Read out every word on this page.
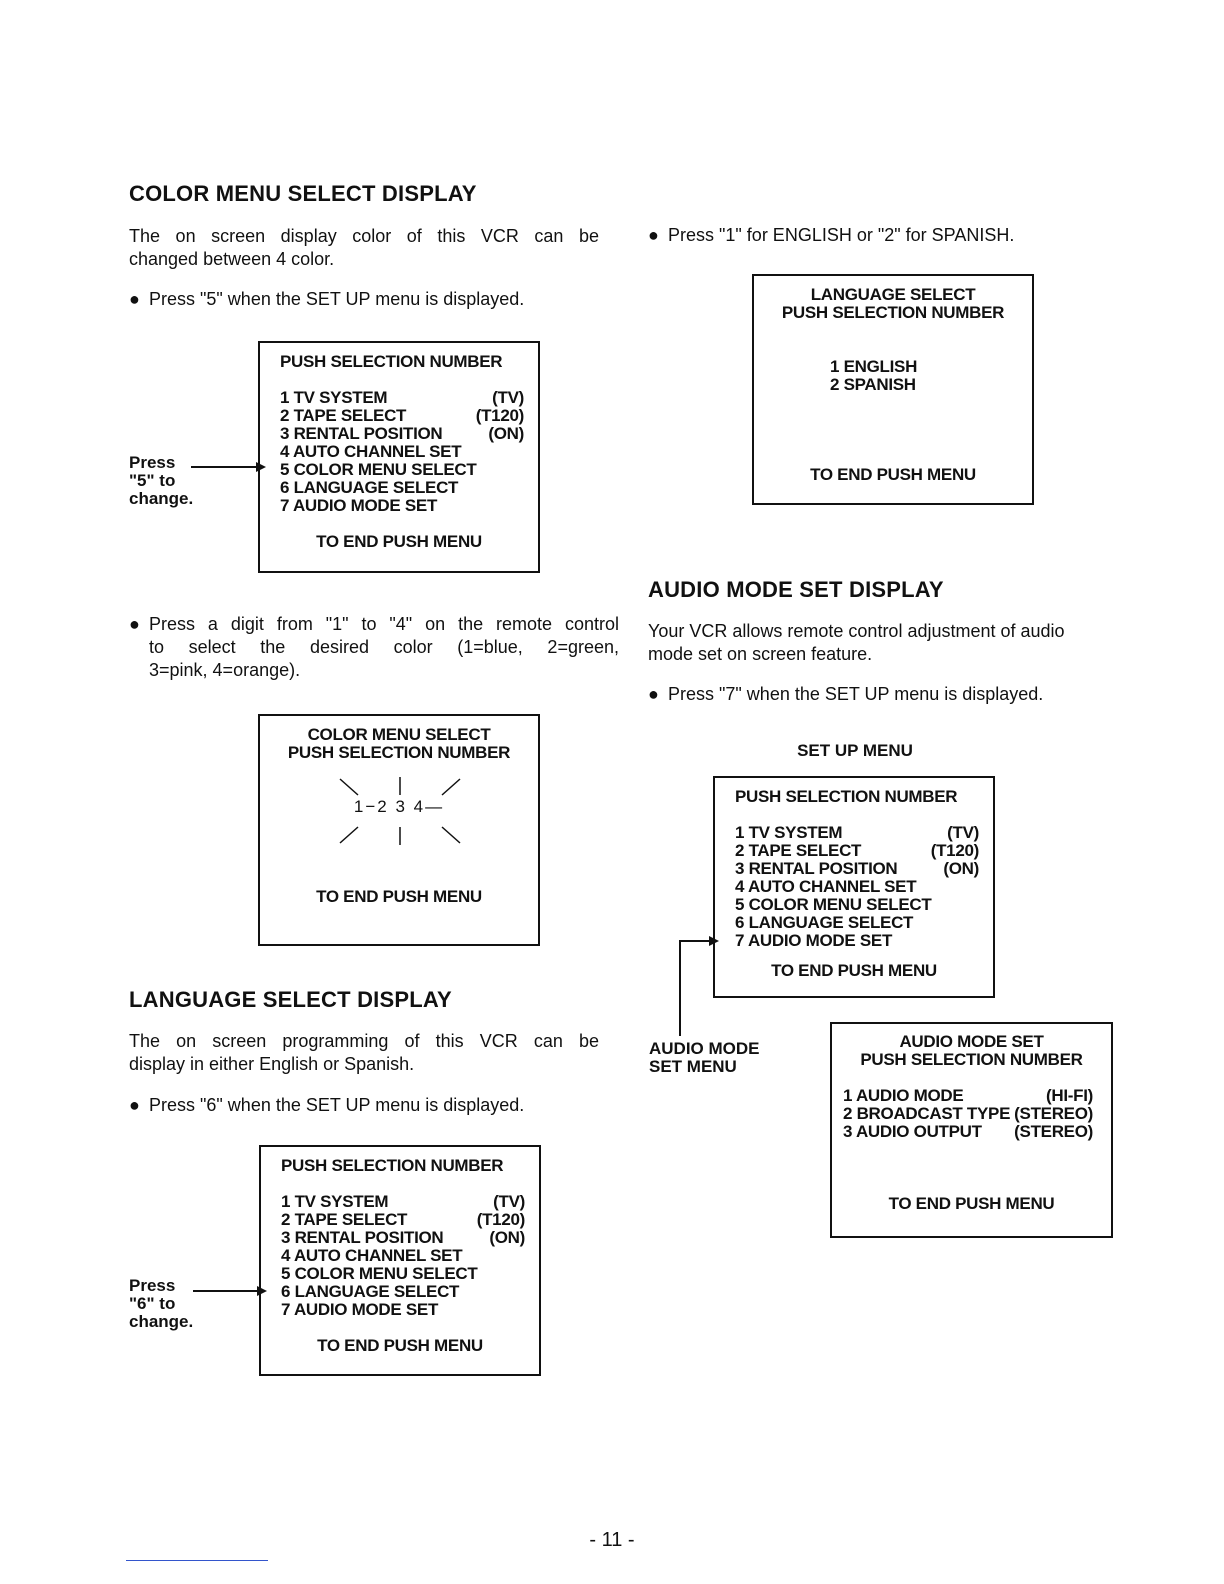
COLOR MENU SELECT DISPLAY
The on screen display color of this VCR can be
changed between 4 color.
● Press "5" when the SET UP menu is displayed.
PUSH SELECTION NUMBER
1 TV SYSTEM	(TV)
2 TAPE SELECT	(T120)
3 RENTAL POSITION	(ON)
4 AUTO CHANNEL SET
5 COLOR MENU SELECT
6 LANGUAGE SELECT
7 AUDIO MODE SET
TO END PUSH MENU
Press
"5" to
change.
● Press a digit from "1" to "4" on the remote control
to select the desired color (1=blue, 2=green,
3=pink, 4=orange).
COLOR MENU SELECT
PUSH SELECTION NUMBER
1−2 3 4—
TO END PUSH MENU
LANGUAGE SELECT DISPLAY
The on screen programming of this VCR can be
display in either English or Spanish.
● Press "6" when the SET UP menu is displayed.
PUSH SELECTION NUMBER
1 TV SYSTEM	(TV)
2 TAPE SELECT	(T120)
3 RENTAL POSITION	(ON)
4 AUTO CHANNEL SET
5 COLOR MENU SELECT
6 LANGUAGE SELECT
7 AUDIO MODE SET
TO END PUSH MENU
Press
"6" to
change.
● Press "1" for ENGLISH or "2" for SPANISH.
LANGUAGE SELECT
PUSH SELECTION NUMBER
1 ENGLISH
2 SPANISH
TO END PUSH MENU
AUDIO MODE SET DISPLAY
Your VCR allows remote control adjustment of audio
mode set on screen feature.
● Press "7" when the SET UP menu is displayed.
SET UP MENU
PUSH SELECTION NUMBER
1 TV SYSTEM	(TV)
2 TAPE SELECT	(T120)
3 RENTAL POSITION	(ON)
4 AUTO CHANNEL SET
5 COLOR MENU SELECT
6 LANGUAGE SELECT
7 AUDIO MODE SET
TO END PUSH MENU
AUDIO MODE
SET MENU
AUDIO MODE SET
PUSH SELECTION NUMBER
1 AUDIO MODE	(HI-FI)
2 BROADCAST TYPE (STEREO)
3 AUDIO OUTPUT (STEREO)
TO END PUSH MENU
- 11 -
